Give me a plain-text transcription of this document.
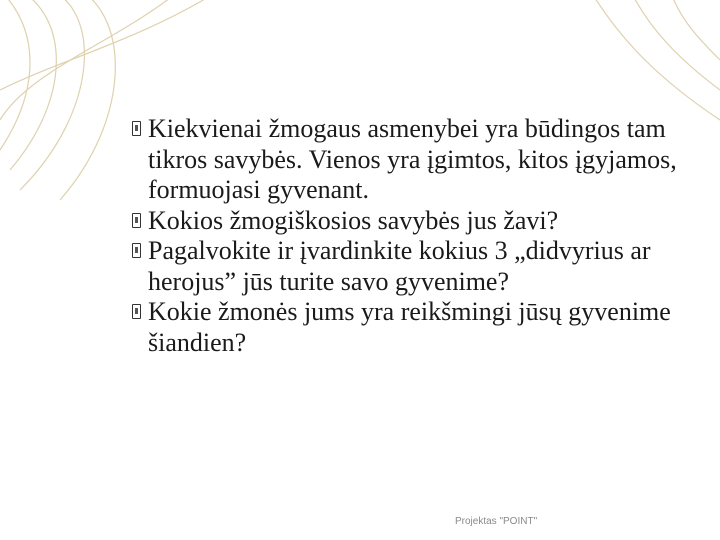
Kiekvienai žmogaus asmenybei yra būdingos tam tikros savybės. Vienos yra įgimtos, kitos įgyjamos, formuojasi gyvenant.

Kokios žmogiškosios savybės jus žavi?

Pagalvokite ir įvardinkite kokius 3 „didvyrius ar herojus” jūs turite savo gyvenime?

Kokie žmonės jums yra reikšmingi jūsų gyvenime šiandien?

Projektas "POINT"
